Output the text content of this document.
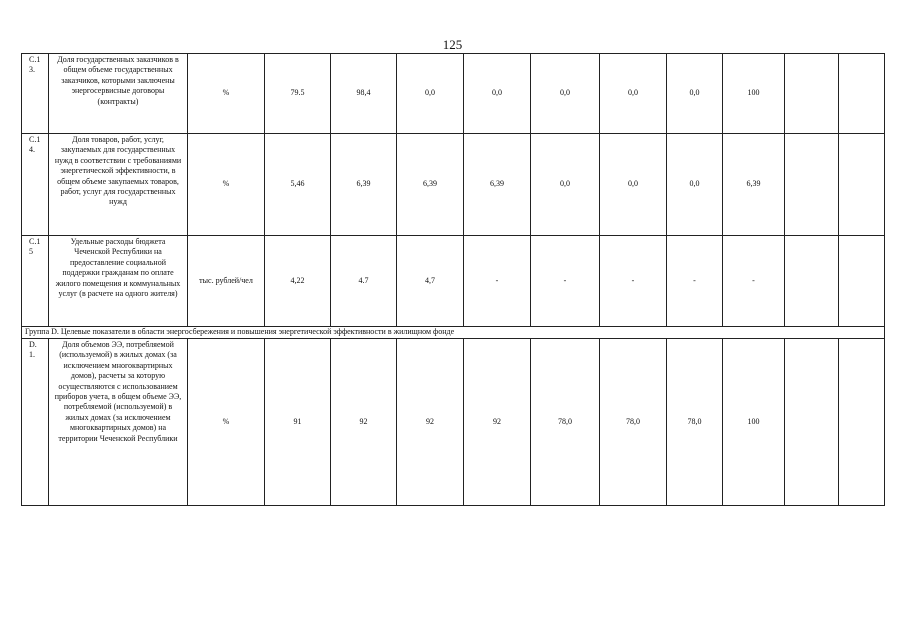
125
С.1
3.	Доля государственных заказчиков в общем объеме государственных заказчиков, которыми заключены энергосервисные договоры (контракты)	%	79.5	98,4	0,0	0,0	0,0	0,0	0,0	100		
С.1
4.	Доля товаров, работ, услуг, закупаемых для государственных нужд в соответствии с требованиями энергетической эффективности, в общем объеме закупаемых товаров, работ, услуг для государственных нужд	%	5,46	6,39	6,39	6,39	0,0	0,0	0,0	6,39		
С.1
5	Удельные расходы бюджета Чеченской Республики на предоставление социальной поддержки гражданам по оплате жилого помещения и коммунальных услуг (в расчете на одного жителя)	тыс. рублей/чел	4,22	4.7	4,7	-	-	-	-	-		
Группа D. Целевые показатели в области энергосбережения и повышения энергетической эффективности в жилищном фонде												
D.
1.	Доля объемов ЭЭ, потребляемой (используемой) в жилых домах (за исключением многоквартирных домов), расчеты за которую осуществляются с использованием приборов учета, в общем объеме ЭЭ, потребляемой (используемой) в жилых домах (за исключением многоквартирных домов) на территории Чеченской Республики	%	91	92	92	92	78,0	78,0	78,0	100		
